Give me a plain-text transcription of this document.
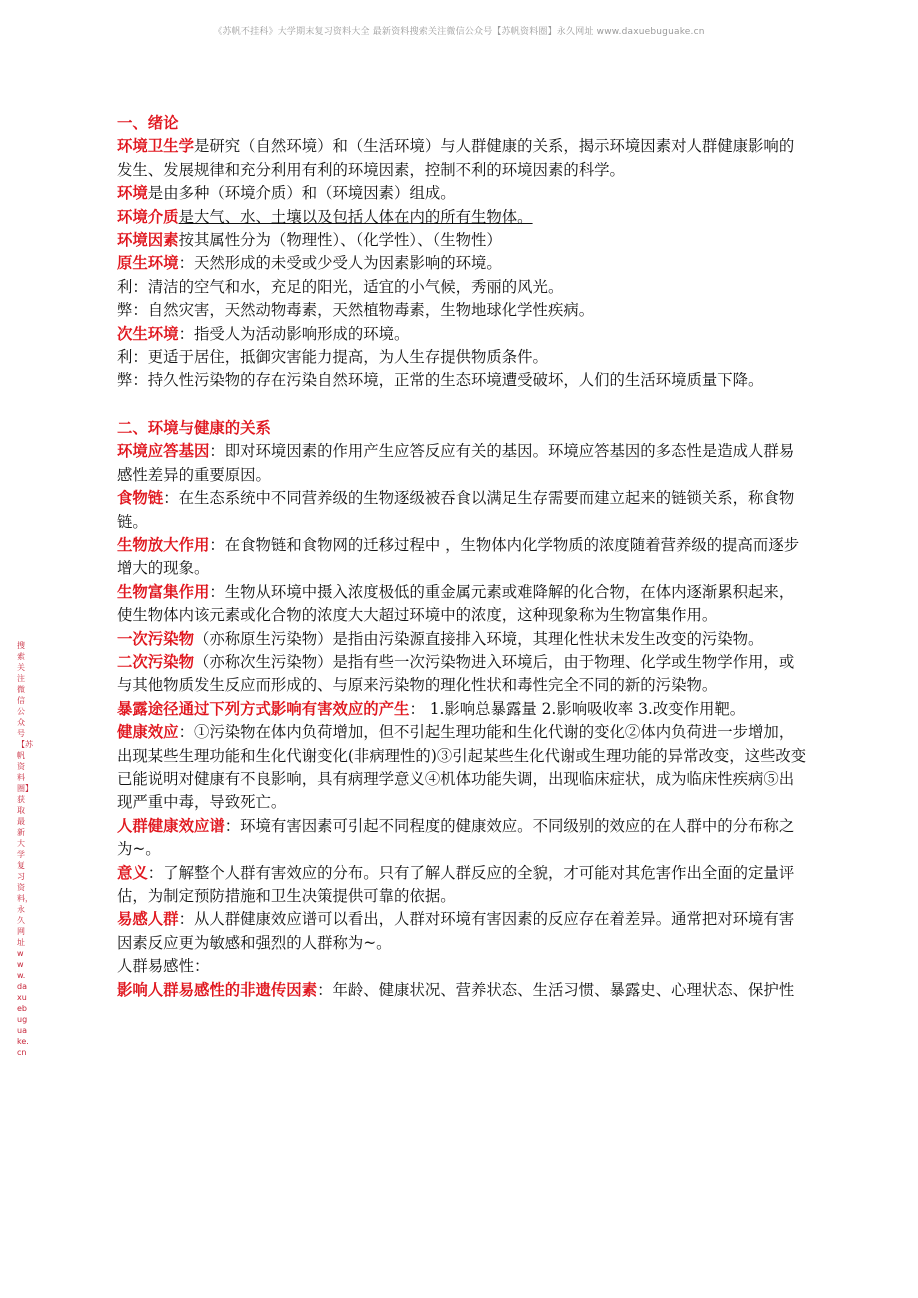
《苏帆不挂科》大学期末复习资料大全 最新资料搜索关注微信公众号【苏帆资料圈】永久网址 www.daxuebuguake.cn
搜索关注微信公众号【苏帆资料圈】 获取最新大学复习资料， 永久网址 www.daxuebuguake.cn

一、绪论

环境卫生学是研究（自然环境）和（生活环境）与人群健康的关系，揭示环境因素对人群健康影响的发生、发展规律和充分利用有利的环境因素，控制不利的环境因素的科学。

环境是由多种（环境介质）和（环境因素）组成。

环境介质是大气、水、土壤以及包括人体在内的所有生物体。

环境因素按其属性分为（物理性）、（化学性）、（生物性）

原生环境：天然形成的未受或少受人为因素影响的环境。

利：清洁的空气和水，充足的阳光，适宜的小气候，秀丽的风光。

弊：自然灾害，天然动物毒素，天然植物毒素，生物地球化学性疾病。

次生环境：指受人为活动影响形成的环境。

利：更适于居住，抵御灾害能力提高，为人生存提供物质条件。

弊：持久性污染物的存在污染自然环境，正常的生态环境遭受破坏，人们的生活环境质量下降。

二、环境与健康的关系

环境应答基因：即对环境因素的作用产生应答反应有关的基因。环境应答基因的多态性是造成人群易感性差异的重要原因。

食物链：在生态系统中不同营养级的生物逐级被吞食以满足生存需要而建立起来的链锁关系，称食物链。

生物放大作用：在食物链和食物网的迁移过程中 ，生物体内化学物质的浓度随着营养级的提高而逐步增大的现象。

生物富集作用：生物从环境中摄入浓度极低的重金属元素或难降解的化合物，在体内逐渐累积起来，使生物体内该元素或化合物的浓度大大超过环境中的浓度，这种现象称为生物富集作用。

一次污染物（亦称原生污染物）是指由污染源直接排入环境，其理化性状未发生改变的污染物。

二次污染物（亦称次生污染物）是指有些一次污染物进入环境后，由于物理、化学或生物学作用，或与其他物质发生反应而形成的、与原来污染物的理化性状和毒性完全不同的新的污染物。

暴露途径通过下列方式影响有害效应的产生： 1.影响总暴露量 2.影响吸收率 3.改变作用靶。

健康效应：①污染物在体内负荷增加，但不引起生理功能和生化代谢的变化②体内负荷进一步增加，出现某些生理功能和生化代谢变化(非病理性的)③引起某些生化代谢或生理功能的异常改变，这些改变已能说明对健康有不良影响，具有病理学意义④机体功能失调，出现临床症状，成为临床性疾病⑤出现严重中毒，导致死亡。

人群健康效应谱：环境有害因素可引起不同程度的健康效应。不同级别的效应的在人群中的分布称之为~。

意义：了解整个人群有害效应的分布。只有了解人群反应的全貌，才可能对其危害作出全面的定量评估，为制定预防措施和卫生决策提供可靠的依据。

易感人群：从人群健康效应谱可以看出，人群对环境有害因素的反应存在着差异。通常把对环境有害因素反应更为敏感和强烈的人群称为~。

人群易感性：

影响人群易感性的非遗传因素：年龄、健康状况、营养状态、生活习惯、暴露史、心理状态、保护性
